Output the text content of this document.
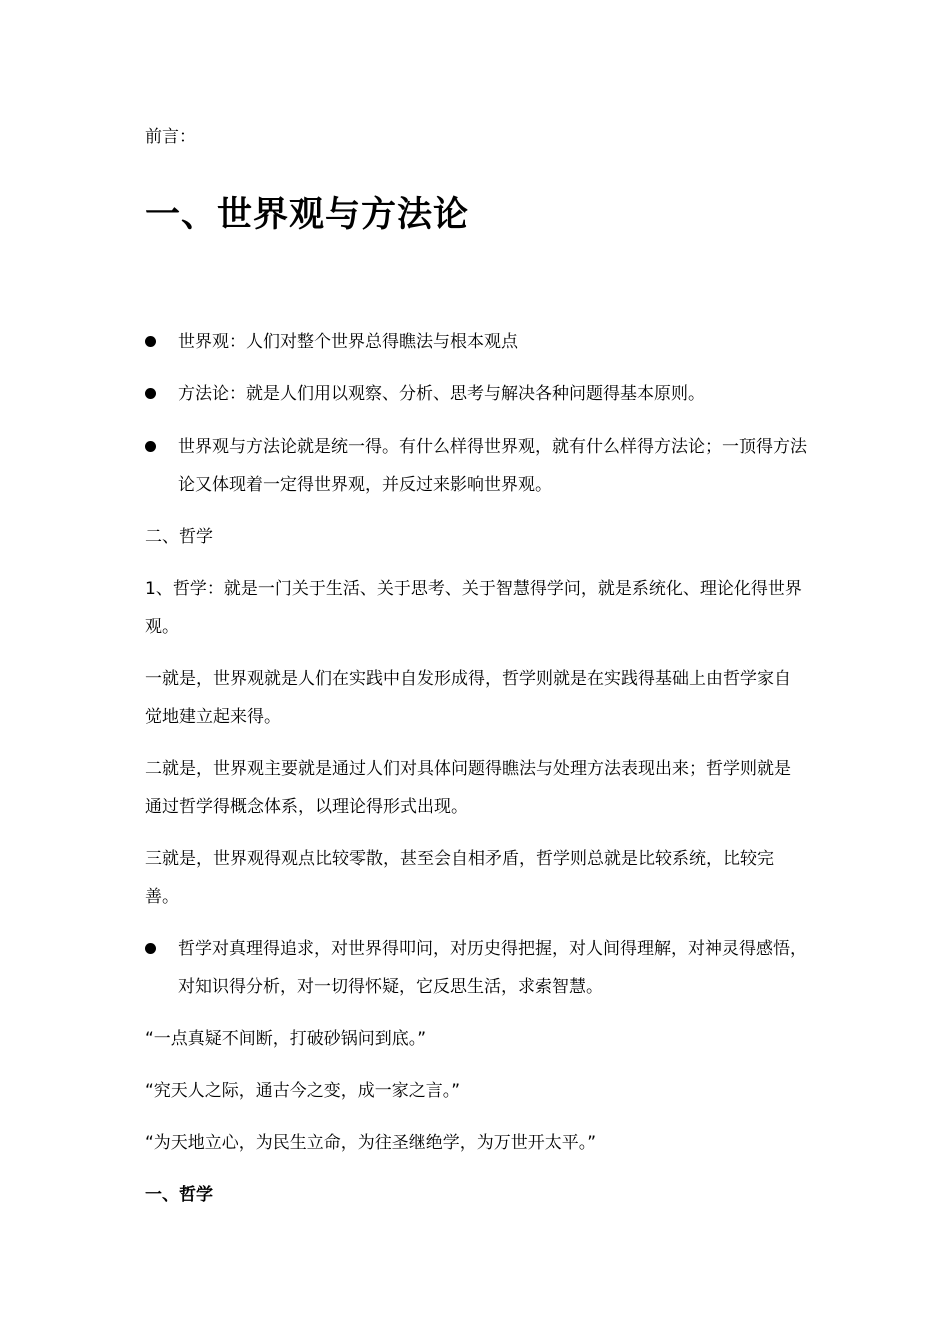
前言：

一、世界观与方法论
世界观：人们对整个世界总得瞧法与根本观点
方法论：就是人们用以观察、分析、思考与解决各种问题得基本原则。
世界观与方法论就是统一得。有什么样得世界观，就有什么样得方法论；一顶得方法论又体现着一定得世界观，并反过来影响世界观。

二、哲学

1、哲学：就是一门关于生活、关于思考、关于智慧得学问，就是系统化、理论化得世界观。

一就是，世界观就是人们在实践中自发形成得，哲学则就是在实践得基础上由哲学家自觉地建立起来得。

二就是，世界观主要就是通过人们对具体问题得瞧法与处理方法表现出来；哲学则就是通过哲学得概念体系，以理论得形式出现。

三就是，世界观得观点比较零散，甚至会自相矛盾，哲学则总就是比较系统，比较完善。

哲学对真理得追求，对世界得叩问，对历史得把握，对人间得理解，对神灵得感悟，对知识得分析，对一切得怀疑，它反思生活，求索智慧。

“一点真疑不间断，打破砂锅问到底。”

“究天人之际，通古今之变，成一家之言。”

“为天地立心，为民生立命，为往圣继绝学，为万世开太平。”

一、哲学
